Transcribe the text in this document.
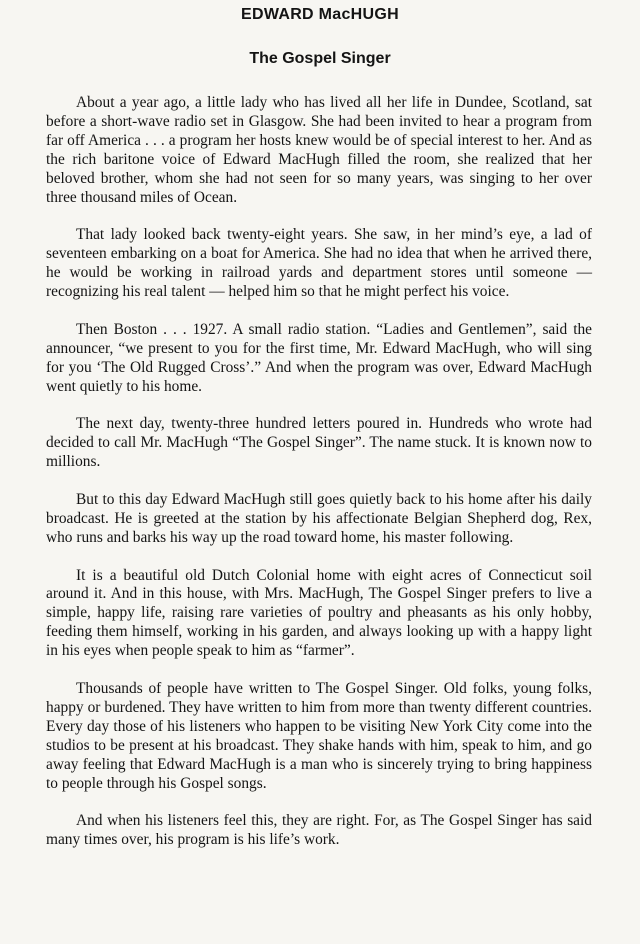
EDWARD MacHUGH
The Gospel Singer

About a year ago, a little lady who has lived all her life in Dundee, Scotland, sat before a short-wave radio set in Glasgow. She had been invited to hear a program from far off America . . . a program her hosts knew would be of special interest to her. And as the rich baritone voice of Edward MacHugh filled the room, she realized that her beloved brother, whom she had not seen for so many years, was singing to her over three thousand miles of Ocean.

That lady looked back twenty-eight years. She saw, in her mind’s eye, a lad of seventeen embarking on a boat for America. She had no idea that when he arrived there, he would be working in railroad yards and department stores until someone — recognizing his real talent — helped him so that he might perfect his voice.

Then Boston . . . 1927. A small radio station. “Ladies and Gentlemen”, said the announcer, “we present to you for the first time, Mr. Edward MacHugh, who will sing for you ‘The Old Rugged Cross’.” And when the program was over, Edward MacHugh went quietly to his home.

The next day, twenty-three hundred letters poured in. Hundreds who wrote had decided to call Mr. MacHugh “The Gospel Singer”. The name stuck. It is known now to millions.

But to this day Edward MacHugh still goes quietly back to his home after his daily broadcast. He is greeted at the station by his affectionate Belgian Shepherd dog, Rex, who runs and barks his way up the road toward home, his master following.

It is a beautiful old Dutch Colonial home with eight acres of Connecticut soil around it. And in this house, with Mrs. MacHugh, The Gospel Singer prefers to live a simple, happy life, raising rare varieties of poultry and pheasants as his only hobby, feeding them himself, working in his garden, and always looking up with a happy light in his eyes when people speak to him as “farmer”.

Thousands of people have written to The Gospel Singer. Old folks, young folks, happy or burdened. They have written to him from more than twenty different countries. Every day those of his listeners who happen to be visiting New York City come into the studios to be present at his broadcast. They shake hands with him, speak to him, and go away feeling that Edward MacHugh is a man who is sincerely trying to bring happiness to people through his Gospel songs.

And when his listeners feel this, they are right. For, as The Gospel Singer has said many times over, his program is his life’s work.
